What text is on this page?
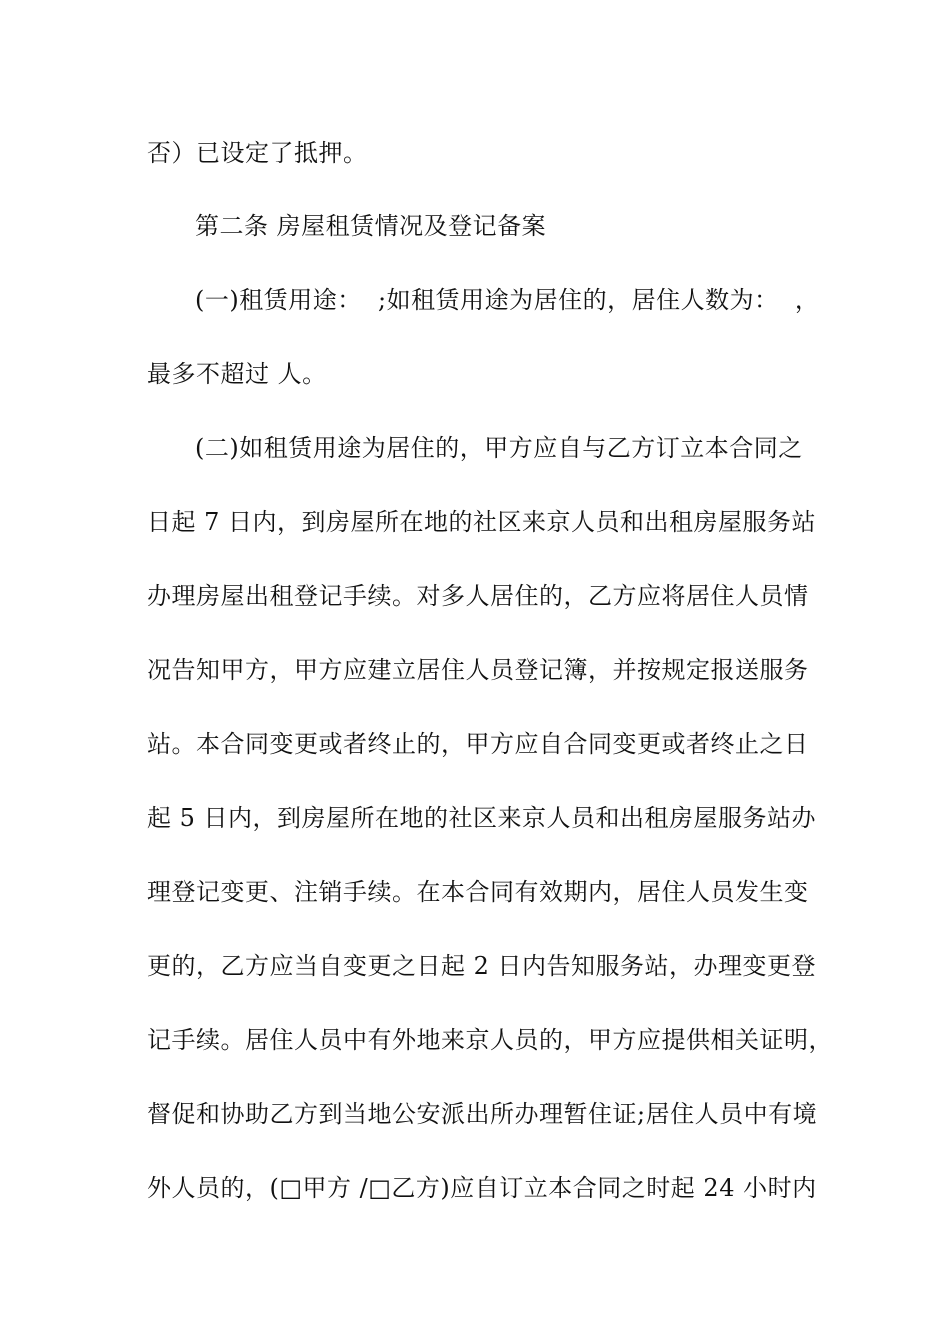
否）已设定了抵押。
第二条 房屋租赁情况及登记备案
(一)租赁用途：  ;如租赁用途为居住的，居住人数为：  ，
最多不超过 人。
(二)如租赁用途为居住的，甲方应自与乙方订立本合同之
日起 7 日内，到房屋所在地的社区来京人员和出租房屋服务站
办理房屋出租登记手续。对多人居住的，乙方应将居住人员情
况告知甲方，甲方应建立居住人员登记簿，并按规定报送服务
站。本合同变更或者终止的，甲方应自合同变更或者终止之日
起 5 日内，到房屋所在地的社区来京人员和出租房屋服务站办
理登记变更、注销手续。在本合同有效期内，居住人员发生变
更的，乙方应当自变更之日起 2 日内告知服务站，办理变更登
记手续。居住人员中有外地来京人员的，甲方应提供相关证明，
督促和协助乙方到当地公安派出所办理暂住证;居住人员中有境
外人员的，(□甲方 /□乙方)应自订立本合同之时起 24 小时内
